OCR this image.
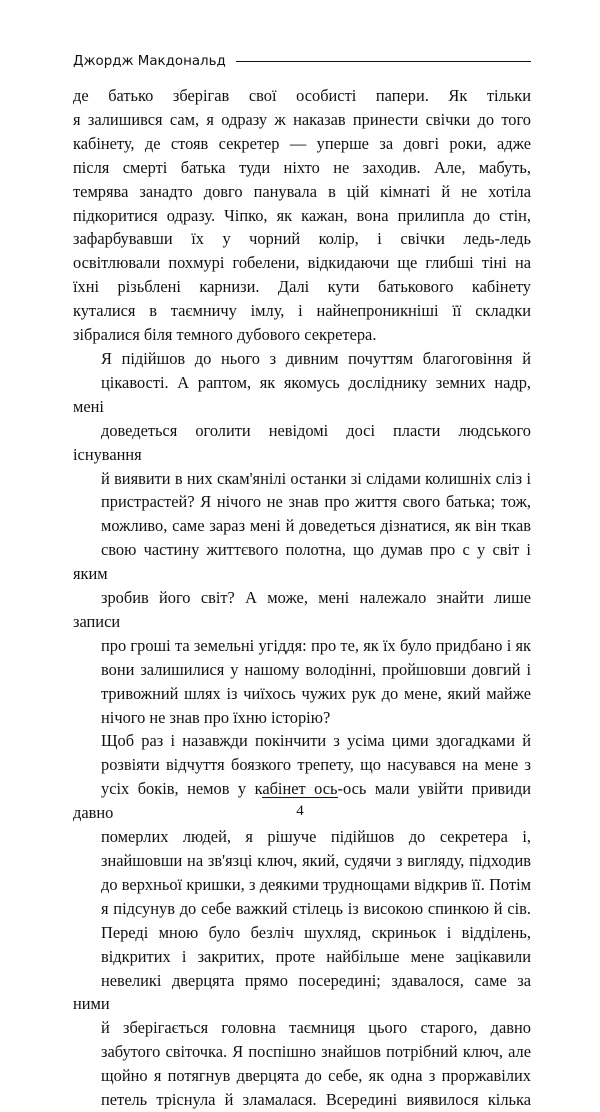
Джордж Макдональд

де батько зберігав свої особисті папери. Як тільки
я залишився сам, я одразу ж наказав принести свічки до того
кабінету, де стояв секретер — уперше за довгі роки, адже
після смерті батька туди ніхто не заходив. Але, мабуть,
темрява занадто довго панувала в цій кімнаті й не хотіла
підкоритися одразу. Чіпко, як кажан, вона прилипла до стін,
зафарбувавши їх у чорний колір, і свічки ледь-ледь
освітлювали похмурі гобелени, відкидаючи ще глибші тіні на
їхні різьблені карнизи. Далі кути батькового кабінету
куталися в таємничу імлу, і найнепроникніші її складки
зібралися біля темного дубового секретера.

Я підійшов до нього з дивним почуттям благоговіння й
цікавості. А раптом, як якомусь досліднику земних надр, мені
доведеться оголити невідомі досі пласти людського існування
й виявити в них скам'янілі останки зі слідами колишніх сліз і
пристрастей? Я нічого не знав про життя свого батька; тож,
можливо, саме зараз мені й доведеться дізнатися, як він ткав
свою частину життєвого полотна, що думав про с у світ і яким
зробив його світ? А може, мені належало знайти лише записи
про гроші та земельні угіддя: про те, як їх було придбано і як
вони залишилися у нашому володінні, пройшовши довгий і
тривожний шлях із чиїхось чужих рук до мене, який майже
нічого не знав про їхню історію?

Щоб раз і назавжди покінчити з усіма цими здогадками й
розвіяти відчуття боязкого трепету, що насувався на мене з
усіх боків, немов у кабінет ось-ось мали увійти привиди давно
померлих людей, я рішуче підійшов до секретера і,
знайшовши на зв'язці ключ, який, судячи з вигляду, підходив
до верхньої кришки, з деякими труднощами відкрив її. Потім
я підсунув до себе важкий стілець із високою спинкою й сів.
Переді мною було безліч шухляд, скриньок і відділень,
відкритих і закритих, проте найбільше мене зацікавили
невеликі дверцята прямо посередині; здавалося, саме за ними
й зберігається головна таємниця цього старого, давно
забутого світочка. Я поспішно знайшов потрібний ключ, але
щойно я потягнув дверцята до себе, як одна з проржавілих
петель тріснула й зламалася. Всередині виявилося кілька

4
